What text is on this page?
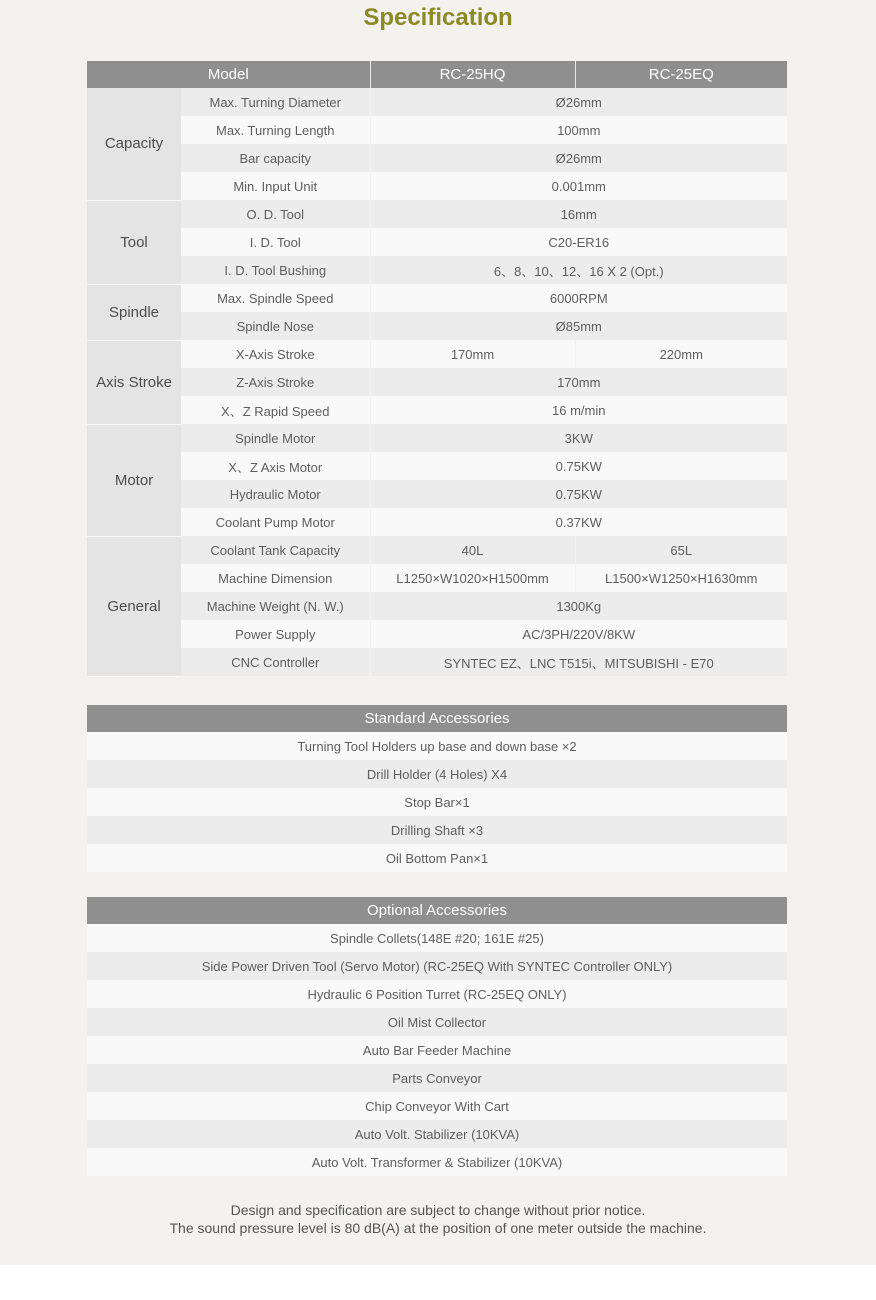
Specification
Model		RC-25HQ	RC-25EQ
Capacity	Max. Turning Diameter	Ø26mm	
	Max. Turning Length	100mm	
	Bar capacity	Ø26mm	
	Min. Input Unit	0.001mm	
Tool	O. D. Tool	16mm	
	I. D. Tool	C20-ER16	
	I. D. Tool Bushing	6、8、10、12、16 X 2 (Opt.)	
Spindle	Max. Spindle Speed	6000RPM	
	Spindle Nose	Ø85mm	
Axis Stroke	X-Axis Stroke	170mm	220mm
	Z-Axis Stroke	170mm	
	X、Z Rapid Speed	16 m/min	
Motor	Spindle Motor	3KW	
	X、Z Axis Motor	0.75KW	
	Hydraulic Motor	0.75KW	
	Coolant Pump Motor	0.37KW	
General	Coolant Tank Capacity	40L	65L
	Machine Dimension	L1250×W1020×H1500mm	L1500×W1250×H1630mm
	Machine Weight (N. W.)	1300Kg	
	Power Supply	AC/3PH/220V/8KW	
	CNC Controller	SYNTEC EZ、LNC T515i、MITSUBISHI - E70	
Standard Accessories
Turning Tool Holders up base and down base ×2
Drill Holder (4 Holes) X4
Stop Bar×1
Drilling Shaft ×3
Oil Bottom Pan×1
Optional Accessories
Spindle Collets(148E #20; 161E #25)
Side Power Driven Tool (Servo Motor) (RC-25EQ With SYNTEC Controller ONLY)
Hydraulic 6 Position Turret (RC-25EQ ONLY)
Oil Mist Collector
Auto Bar Feeder Machine
Parts Conveyor
Chip Conveyor With Cart
Auto Volt. Stabilizer (10KVA)
Auto Volt. Transformer & Stabilizer (10KVA)
Design and specification are subject to change without prior notice.
The sound pressure level is 80 dB(A) at the position of one meter outside the machine.
